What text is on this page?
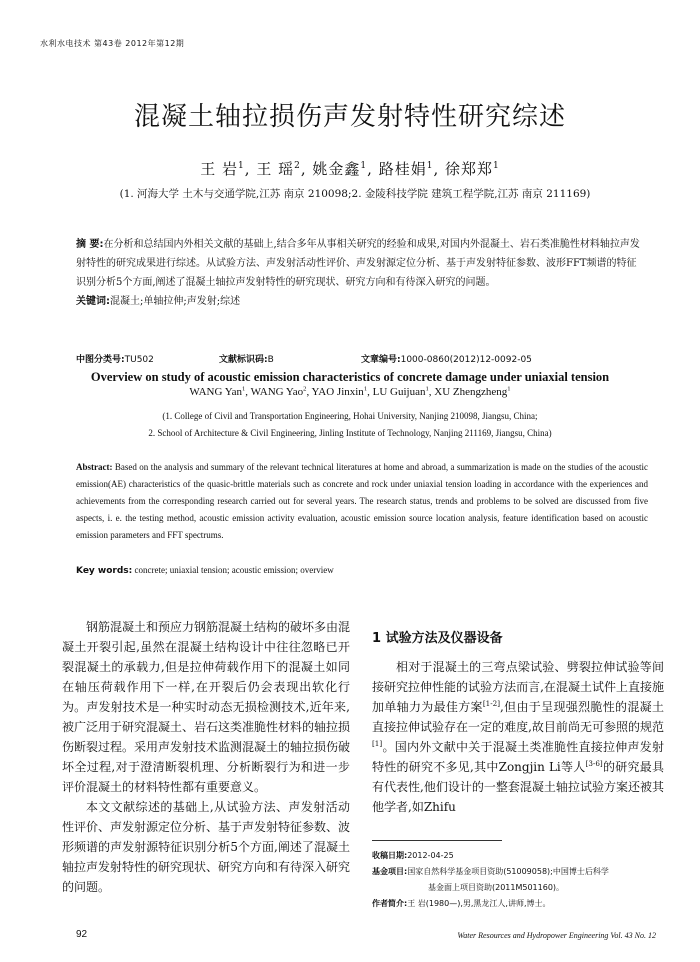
水利水电技术 第43卷 2012年第12期
混凝土轴拉损伤声发射特性研究综述
王 岩$^1$, 王 瑶$^2$, 姚金鑫$^1$, 路桂娟$^1$, 徐郑郑$^1$
(1. 河海大学 土木与交通学院,江苏 南京 210098;2. 金陵科技学院 建筑工程学院,江苏 南京 211169)
摘 要:在分析和总结国内外相关文献的基础上,结合多年从事相关研究的经验和成果,对国内外混凝土、岩石类准脆性材料轴拉声发射特性的研究成果进行综述。从试验方法、声发射活动性评价、声发射源定位分析、基于声发射特征参数、波形FFT频谱的特征识别分析5个方面,阐述了混凝土轴拉声发射特性的研究现状、研究方向和有待深入研究的问题。
关键词:混凝土;单轴拉伸;声发射;综述
中图分类号:TU502	文献标识码:B	文章编号:1000-0860(2012)12-0092-05
Overview on study of acoustic emission characteristics of concrete damage under uniaxial tension
WANG Yan$^1$, WANG Yao$^2$, YAO Jinxin$^1$, LU Guijuan$^1$, XU Zhengzheng$^1$
(1. College of Civil and Transportation Engineering, Hohai University, Nanjing 210098, Jiangsu, China;
2. School of Architecture & Civil Engineering, Jinling Institute of Technology, Nanjing 211169, Jiangsu, China)
Abstract: Based on the analysis and summary of the relevant technical literatures at home and abroad, a summarization is made on the studies of the acoustic emission(AE) characteristics of the quasic-brittle materials such as concrete and rock under uniaxial tension loading in accordance with the experiences and achievements from the corresponding research carried out for several years. The research status, trends and problems to be solved are discussed from five aspects, i. e. the testing method, acoustic emission activity evaluation, acoustic emission source location analysis, feature identification based on acoustic emission parameters and FFT spectrums.
Key words: concrete; uniaxial tension; acoustic emission; overview

钢筋混凝土和预应力钢筋混凝土结构的破坏多由混凝土开裂引起,虽然在混凝土结构设计中往往忽略已开裂混凝土的承载力,但是拉伸荷载作用下的混凝土如同在轴压荷载作用下一样,在开裂后仍会表现出软化行为。声发射技术是一种实时动态无损检测技术,近年来,被广泛用于研究混凝土、岩石这类准脆性材料的轴拉损伤断裂过程。采用声发射技术监测混凝土的轴拉损伤破坏全过程,对于澄清断裂机理、分析断裂行为和进一步评价混凝土的材料特性都有重要意义。

本文文献综述的基础上,从试验方法、声发射活动性评价、声发射源定位分析、基于声发射特征参数、波形频谱的声发射源特征识别分析5个方面,阐述了混凝土轴拉声发射特性的研究现状、研究方向和有待深入研究的问题。

1 试验方法及仪器设备

相对于混凝土的三弯点梁试验、劈裂拉伸试验等间接研究拉伸性能的试验方法而言,在混凝土试件上直接施加单轴力为最佳方案[1-2],但由于呈现强烈脆性的混凝土直接拉伸试验存在一定的难度,故目前尚无可参照的规范[1]。国内外文献中关于混凝土类准脆性直接拉伸声发射特性的研究不多见,其中Zongjin Li等人[3-6]的研究最具有代表性,他们设计的一整套混凝土轴拉试验方案还被其他学者,如Zhifu

收稿日期:2012-04-25
基金项目:国家自然科学基金项目资助(51009058);中国博士后科学
基金面上项目资助(2011M501160)。
作者简介:王 岩(1980—),男,黑龙江人,讲师,博士。
92	Water Resources and Hydropower Engineering Vol. 43 No. 12
